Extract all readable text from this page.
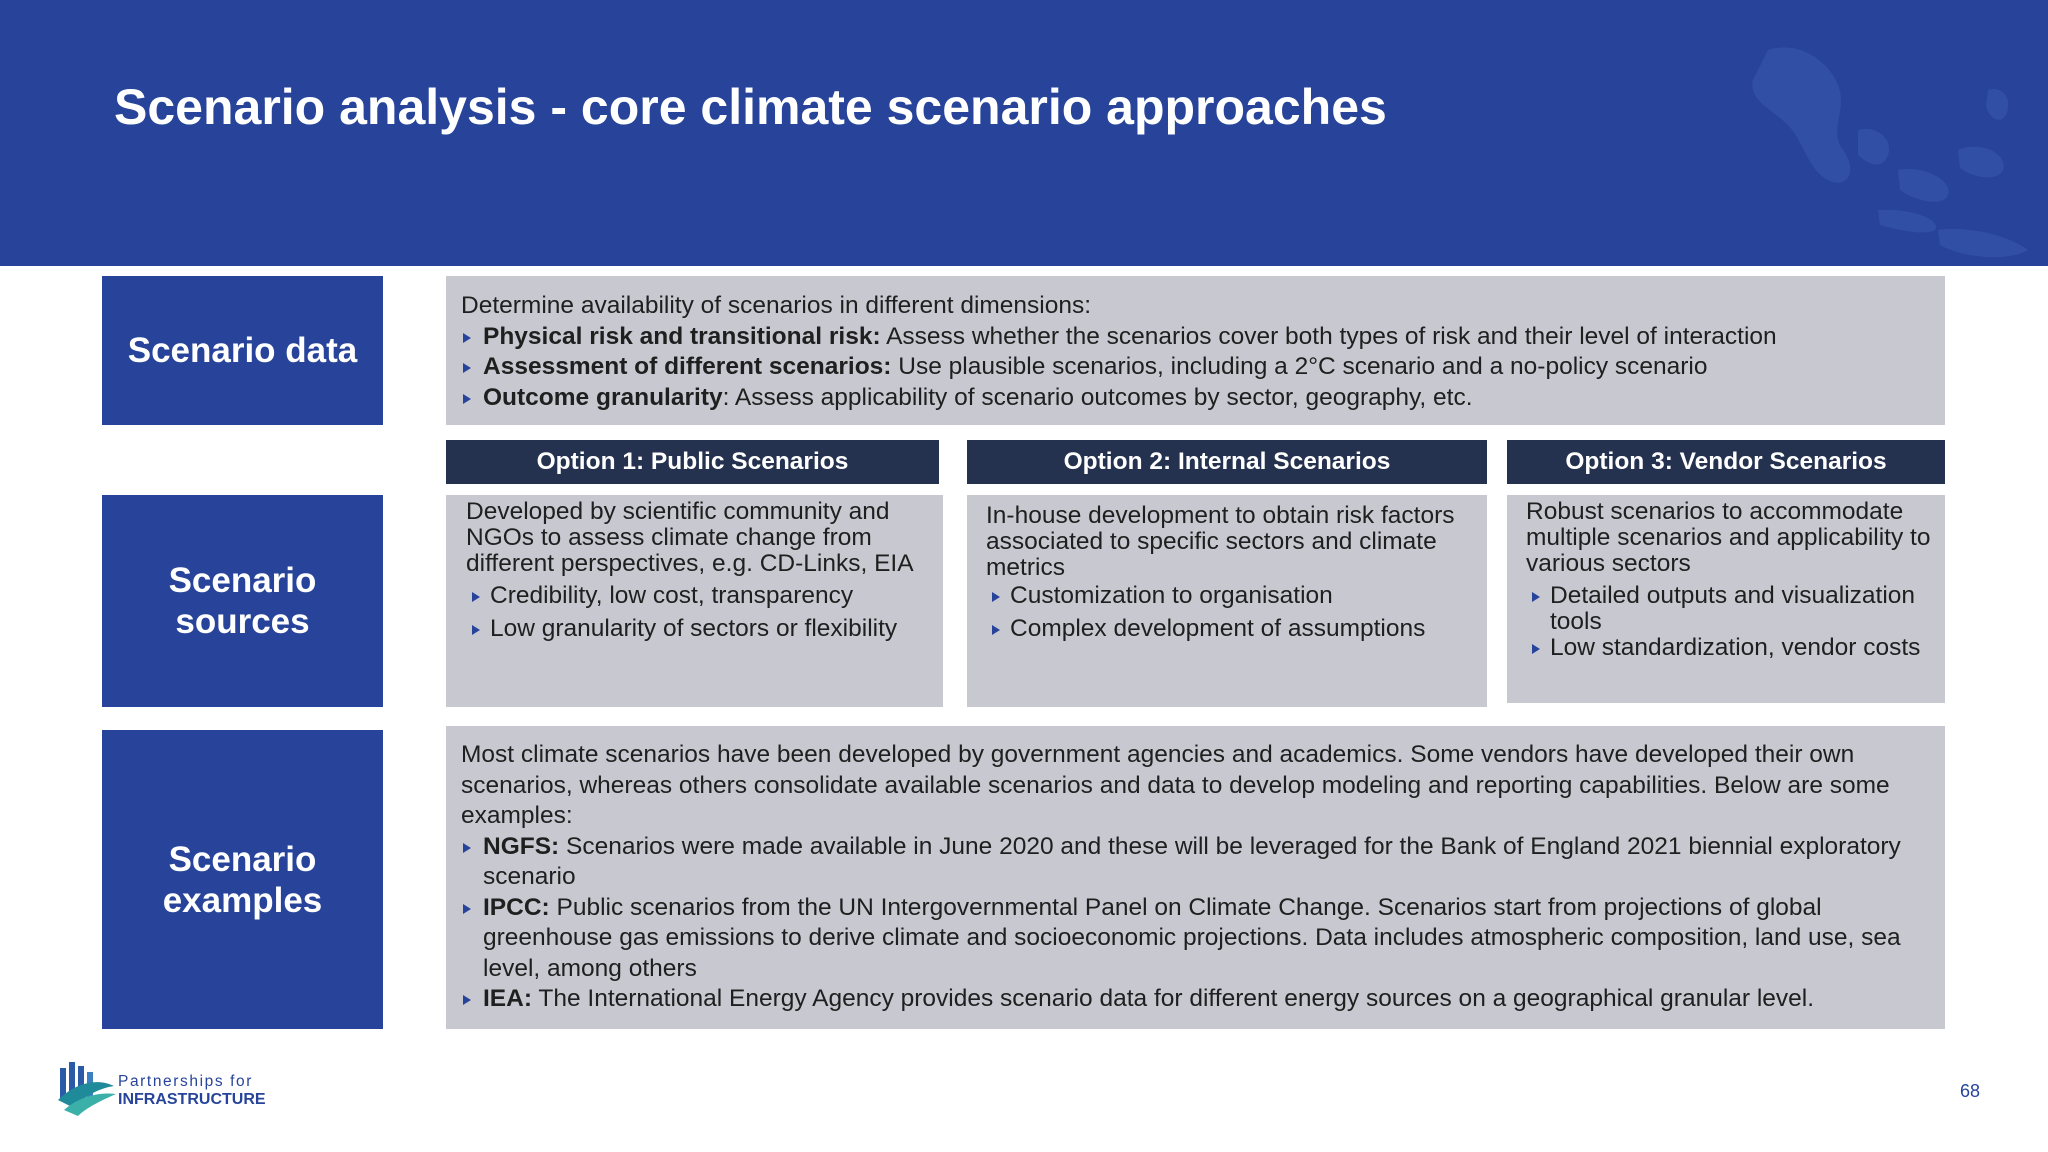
Scenario analysis - core climate scenario approaches
Scenario data

Determine availability of scenarios in different dimensions:

Physical risk and transitional risk: Assess whether the scenarios cover both types of risk and their level of interaction
Assessment of different scenarios: Use plausible scenarios, including a 2°C scenario and a no-policy scenario
Outcome granularity: Assess applicability of scenario outcomes by sector, geography, etc.
Scenario sources
Option 1: Public Scenarios	Option 2: Internal Scenarios	Option 3: Vendor Scenarios

Developed by scientific community and NGOs to assess climate change from different perspectives, e.g. CD-Links, EIA

Credibility, low cost, transparency
Low granularity of sectors or flexibility

In-house development to obtain risk factors associated to specific sectors and climate metrics

Customization to organisation
Complex development of assumptions

Robust scenarios to accommodate multiple scenarios and applicability to various sectors

Detailed outputs and visualization tools
Low standardization, vendor costs
Scenario examples

Most climate scenarios have been developed by government agencies and academics. Some vendors have developed their own scenarios, whereas others consolidate available scenarios and data to develop modeling and reporting capabilities. Below are some examples:

NGFS: Scenarios were made available in June 2020 and these will be leveraged for the Bank of England 2021 biennial exploratory scenario
IPCC: Public scenarios from the UN Intergovernmental Panel on Climate Change. Scenarios start from projections of global greenhouse gas emissions to derive climate and socioeconomic projections. Data includes atmospheric composition, land use, sea level, among others
IEA: The International Energy Agency provides scenario data for different energy sources on a geographical granular level.
Partnerships for
INFRASTRUCTURE	68
